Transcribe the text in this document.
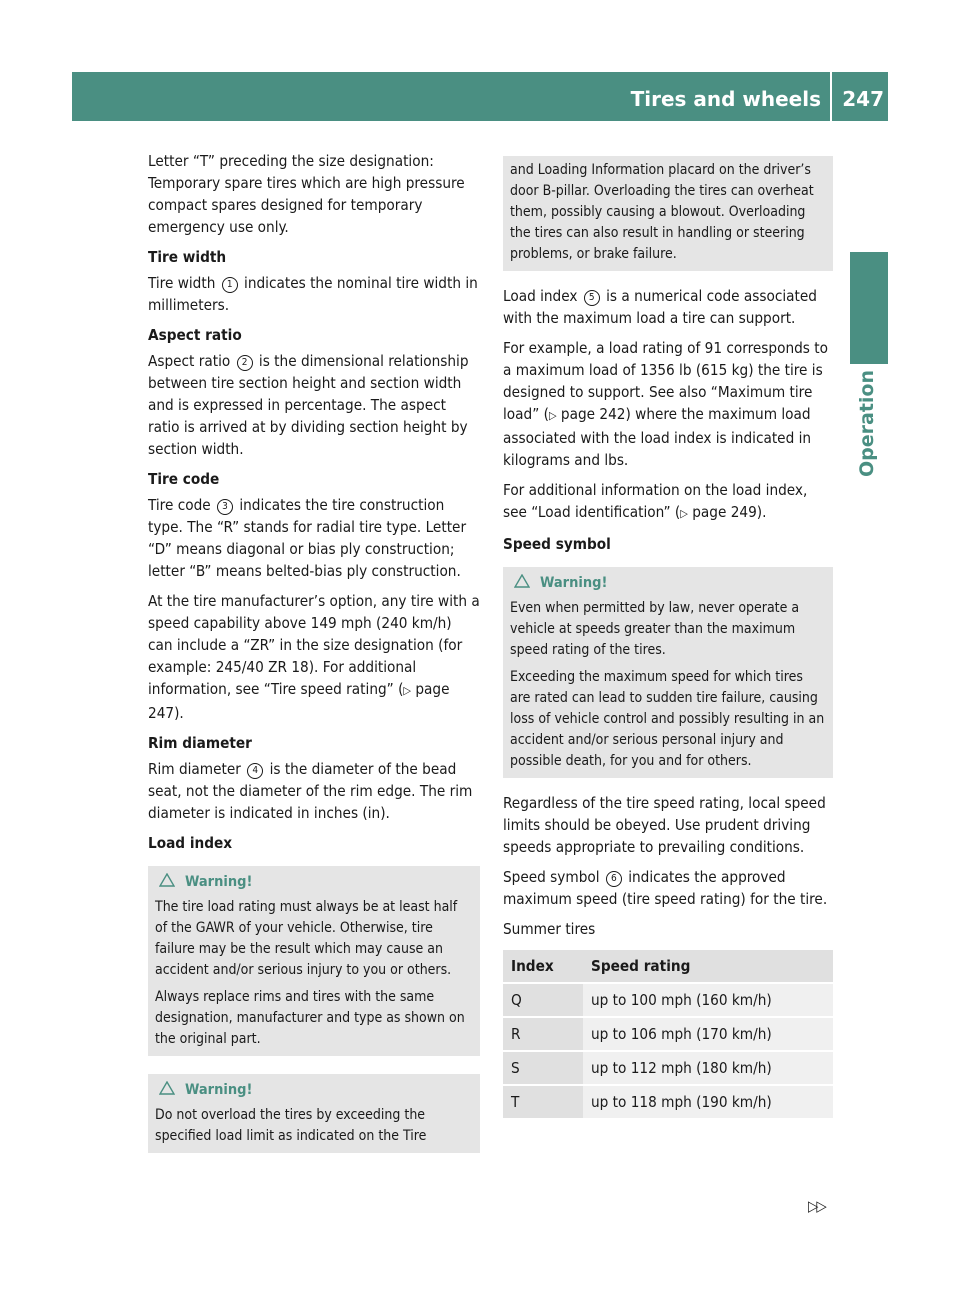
Tires and wheels 247
Operation

Letter “T” preceding the size designation: Temporary spare tires which are high pressure compact spares designed for temporary emergency use only.

Tire width

Tire width 1 indicates the nominal tire width in millimeters.

Aspect ratio

Aspect ratio 2 is the dimensional relationship between tire section height and section width and is expressed in percentage. The aspect ratio is arrived at by dividing section height by section width.

Tire code

Tire code 3 indicates the tire construction type. The “R” stands for radial tire type. Letter “D” means diagonal or bias ply construction; letter “B” means belted-bias ply construction.

At the tire manufacturer’s option, any tire with a speed capability above 149 mph (240 km/h) can include a “ZR” in the size designation (for example: 245/40 ZR 18). For additional information, see “Tire speed rating” (▷ page 247).

Rim diameter

Rim diameter 4 is the diameter of the bead seat, not the diameter of the rim edge. The rim diameter is indicated in inches (in).

Load index
Warning!

The tire load rating must always be at least half of the GAWR of your vehicle. Otherwise, tire failure may be the result which may cause an accident and/or serious injury to you or others.

Always replace rims and tires with the same designation, manufacturer and type as shown on the original part.

Warning!

Do not overload the tires by exceeding the specified load limit as indicated on the Tire

and Loading Information placard on the driver’s door B-pillar. Overloading the tires can overheat them, possibly causing a blowout. Overloading the tires can also result in handling or steering problems, or brake failure.

Load index 5 is a numerical code associated with the maximum load a tire can support.

For example, a load rating of 91 corresponds to a maximum load of 1356 lb (615 kg) the tire is designed to support. See also “Maximum tire load” (▷ page 242) where the maximum load associated with the load index is indicated in kilograms and lbs.

For additional information on the load index, see “Load identification” (▷ page 249).

Speed symbol
Warning!

Even when permitted by law, never operate a vehicle at speeds greater than the maximum speed rating of the tires.

Exceeding the maximum speed for which tires are rated can lead to sudden tire failure, causing loss of vehicle control and possibly resulting in an accident and/or serious personal injury and possible death, for you and for others.

Regardless of the tire speed rating, local speed limits should be obeyed. Use prudent driving speeds appropriate to prevailing conditions.

Speed symbol 6 indicates the approved maximum speed (tire speed rating) for the tire.

Summer tires

Index	Speed rating
Q	up to 100 mph (160 km/h)
R	up to 106 mph (170 km/h)
S	up to 112 mph (180 km/h)
T	up to 118 mph (190 km/h)
▷▷
